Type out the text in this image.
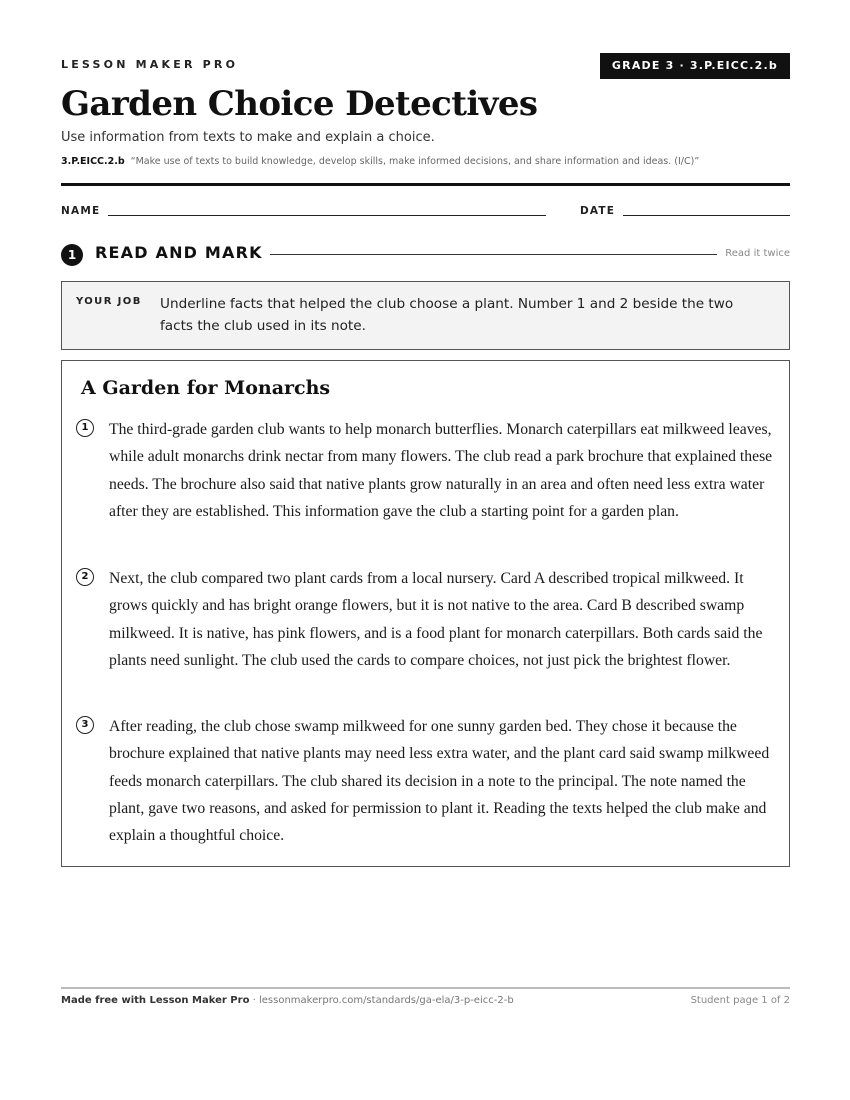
LESSON MAKER PRO	GRADE 3 · 3.P.EICC.2.b
Garden Choice Detectives
Use information from texts to make and explain a choice.
3.P.EICC.2.b “Make use of texts to build knowledge, develop skills, make informed decisions, and share information and ideas. (I/C)”
NAME	DATE
1	READ AND MARK	Read it twice
YOUR JOB Underline facts that helped the club choose a plant. Number 1 and 2 beside the two facts the club used in its note.
A Garden for Monarchs
1	The third-grade garden club wants to help monarch butterflies. Monarch caterpillars eat milkweed leaves, while adult monarchs drink nectar from many flowers. The club read a park brochure that explained these needs. The brochure also said that native plants grow naturally in an area and often need less extra water after they are established. This information gave the club a starting point for a garden plan.

2	Next, the club compared two plant cards from a local nursery. Card A described tropical milkweed. It grows quickly and has bright orange flowers, but it is not native to the area. Card B described swamp milkweed. It is native, has pink flowers, and is a food plant for monarch caterpillars. Both cards said the plants need sunlight. The club used the cards to compare choices, not just pick the brightest flower.

3	After reading, the club chose swamp milkweed for one sunny garden bed. They chose it because the brochure explained that native plants may need less extra water, and the plant card said swamp milkweed feeds monarch caterpillars. The club shared its decision in a note to the principal. The note named the plant, gave two reasons, and asked for permission to plant it. Reading the texts helped the club make and explain a thoughtful choice.

Made free with Lesson Maker Pro · lessonmakerpro.com/standards/ga-ela/3-p-eicc-2-b	Student page 1 of 2
